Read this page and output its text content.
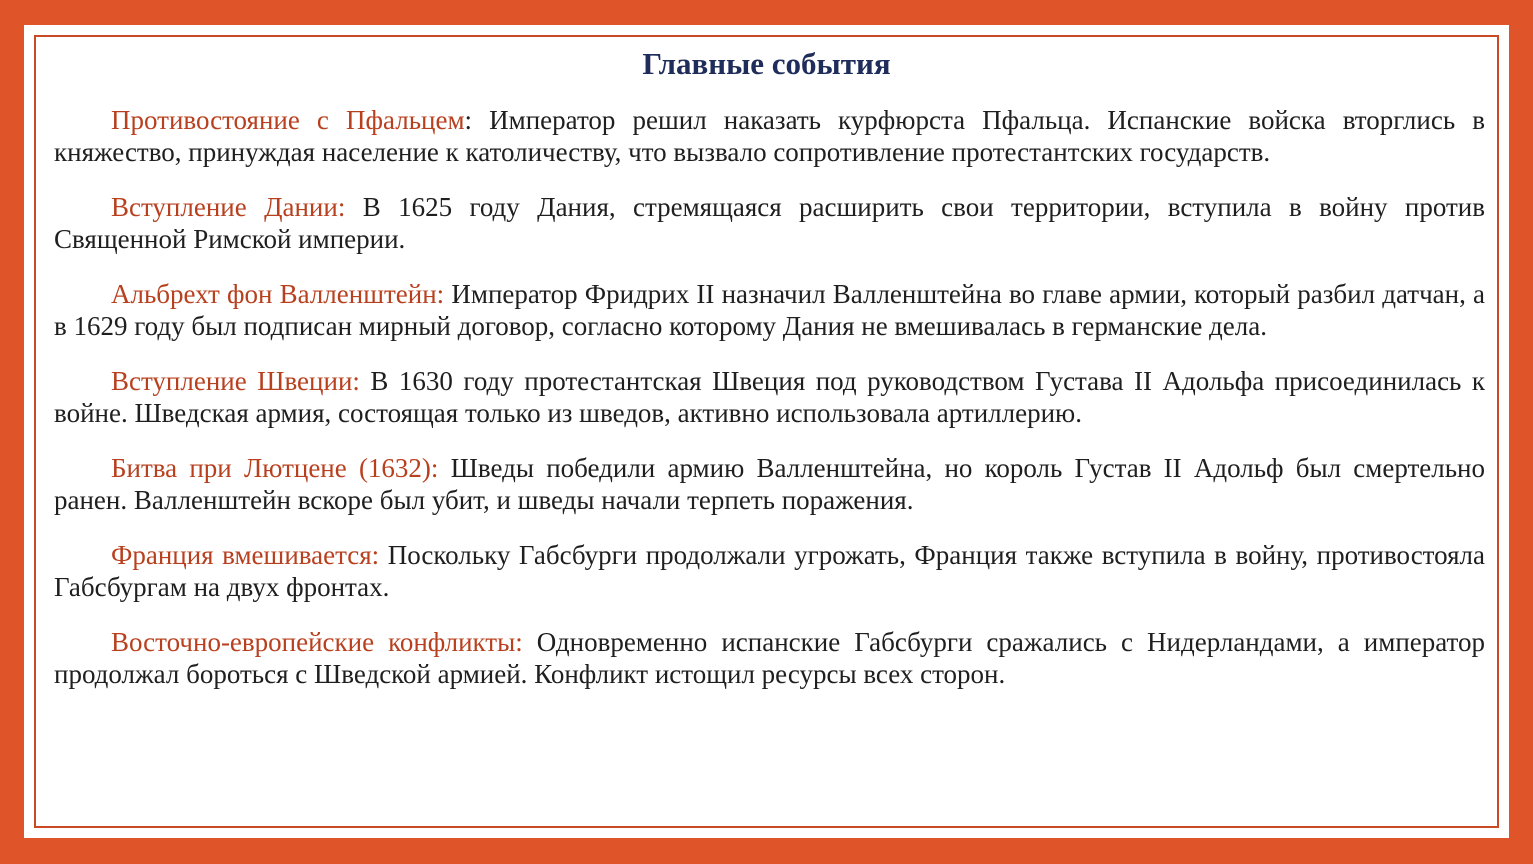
Главные события

Противостояние с Пфальцем: Император решил наказать курфюрста Пфальца. Испанские войска вторглись в княжество, принуждая население к католичеству, что вызвало сопротивление протестантских государств.

Вступление Дании: В 1625 году Дания, стремящаяся расширить свои территории, вступила в войну против Священной Римской империи.

Альбрехт фон Валленштейн: Император Фридрих II назначил Валленштейна во главе армии, который разбил датчан, а в 1629 году был подписан мирный договор, согласно которому Дания не вмешивалась в германские дела.

Вступление Швеции: В 1630 году протестантская Швеция под руководством Густава II Адольфа присоединилась к войне. Шведская армия, состоящая только из шведов, активно использовала артиллерию.

Битва при Лютцене (1632): Шведы победили армию Валленштейна, но король Густав II Адольф был смертельно ранен. Валленштейн вскоре был убит, и шведы начали терпеть поражения.

Франция вмешивается: Поскольку Габсбурги продолжали угрожать, Франция также вступила в войну, противостояла Габсбургам на двух фронтах.

Восточно-европейские конфликты: Одновременно испанские Габсбурги сражались с Нидерландами, а император продолжал бороться с Шведской армией. Конфликт истощил ресурсы всех сторон.
